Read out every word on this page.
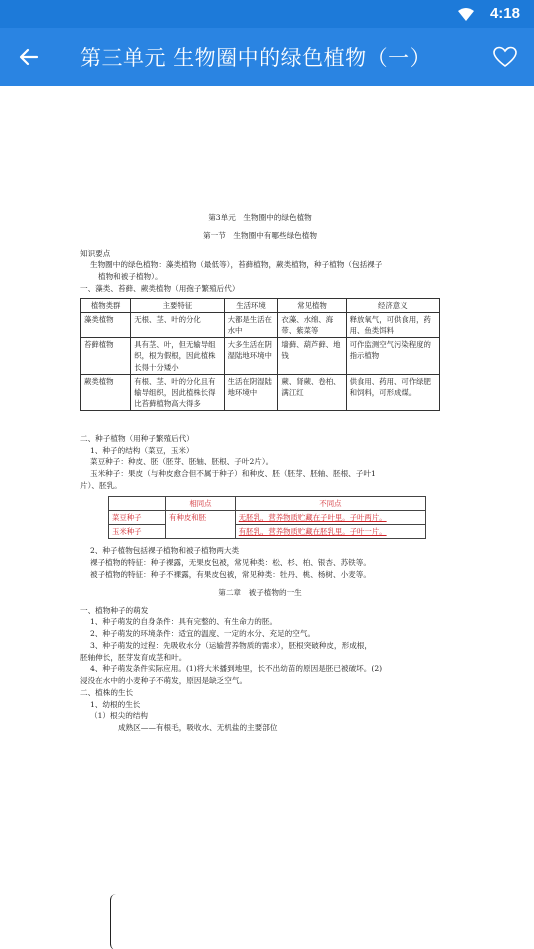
4:18
第三单元 生物圈中的绿色植物（一）

第3单元　生物圈中的绿色植物

第一节　生物圈中有哪些绿色植物

知识要点

生物圈中的绿色植物：藻类植物（最低等），苔藓植物，蕨类植物，种子植物（包括裸子

植物和被子植物）。

一、藻类、苔藓、蕨类植物（用孢子繁殖后代）

植物类群	主要特征	生活环境	常见植物	经济意义
藻类植物	无根、茎、叶的分化	大都是生活在水中	衣藻、水绵、海带、紫菜等	释放氧气，可供食用，药用、鱼类饵料
苔藓植物	具有茎、叶，但无输导组织，根为假根，因此植株长得十分矮小	大多生活在阴湿陆地环境中	墙藓、葫芦藓、地钱	可作监测空气污染程度的指示植物
蕨类植物	有根、茎、叶的分化且有输导组织，因此植株长得比苔藓植物高大得多	生活在阴湿陆地环境中	蕨、肾蕨、卷柏、满江红	供食用、药用、可作绿肥和饲料，可形成煤。

二、种子植物（用种子繁殖后代）

1、种子的结构（菜豆，玉米）

菜豆种子：种皮、胚（胚芽、胚轴、胚根、子叶2片）。

玉米种子：果皮（与种皮愈合但不属于种子）和种皮、胚（胚芽、胚轴、胚根、子叶1

片）、胚乳。

	相同点	不同点
菜豆种子	有种皮和胚	无胚乳，营养物质贮藏在子叶里。子叶两片。
玉米种子		有胚乳，营养物质贮藏在胚乳里。子叶一片。

2、种子植物包括裸子植物和被子植物两大类

裸子植物的特征：种子裸露，无果皮包被，常见种类：松、杉、柏、银杏、苏铁等。

被子植物的特征：种子不裸露，有果皮包被，常见种类：牡丹、桃、杨树、小麦等。

第二章　被子植物的一生

一、植物种子的萌发

1、种子萌发的自身条件：具有完整的、有生命力的胚。

2、种子萌发的环境条件：适宜的温度、一定的水分、充足的空气。

3、种子萌发的过程：先吸收水分（运输营养物质的需求），胚根突破种皮，形成根，

胚轴伸长，胚芽发育成茎和叶。

4、种子萌发条件实际应用。(1)将大米播到地里，长不出幼苗的原因是胚已被破坏。(2)

浸没在水中的小麦种子不萌发，原因是缺乏空气。

二、植株的生长

1、幼根的生长

（1）根尖的结构

成熟区——有根毛，吸收水、无机盐的主要部位
